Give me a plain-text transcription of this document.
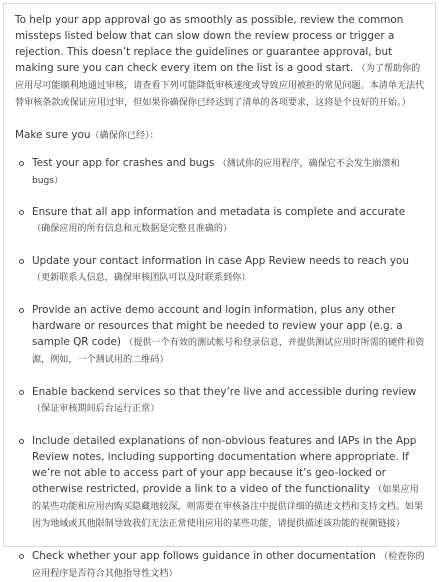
To help your app approval go as smoothly as possible, review the common missteps listed below that can slow down the review process or trigger a rejection. This doesn’t replace the guidelines or guarantee approval, but making sure you can check every item on the list is a good start. （为了帮助你的应用尽可能顺利地通过审核，请查看下列可能降低审核速度或导致应用被拒的常见问题。本清单无法代替审核条款或保证应用过审，但如果你确保你已经达到了清单的各项要求，这将是个良好的开始。）

Make sure you（确保你已经）：

Test your app for crashes and bugs （测试你的应用程序，确保它不会发生崩溃和bugs）
Ensure that all app information and metadata is complete and accurate （确保应用的所有信息和元数据是完整且准确的）
Update your contact information in case App Review needs to reach you （更新联系人信息，确保审核团队可以及时联系到你）
Provide an active demo account and login information, plus any other hardware or resources that might be needed to review your app (e.g. a sample QR code) （提供一个有效的测试帐号和登录信息，并提供测试应用时所需的硬件和资源，例如，一个测试用的二维码）
Enable backend services so that they’re live and accessible during review （保证审核期间后台运行正常）
Include detailed explanations of non-obvious features and IAPs in the App Review notes, including supporting documentation where appropriate. If we’re not able to access part of your app because it’s geo-locked or otherwise restricted, provide a link to a video of the functionality （如果应用的某些功能和应用内购买隐藏地较深，则需要在审核备注中提供详细的描述文档和支持文档。如果因为地域或其他限制导致我们无法正常使用应用的某些功能，请提供描述该功能的视频链接）
Check whether your app follows guidance in other documentation （检查你的应用程序是否符合其他指导性文档）
